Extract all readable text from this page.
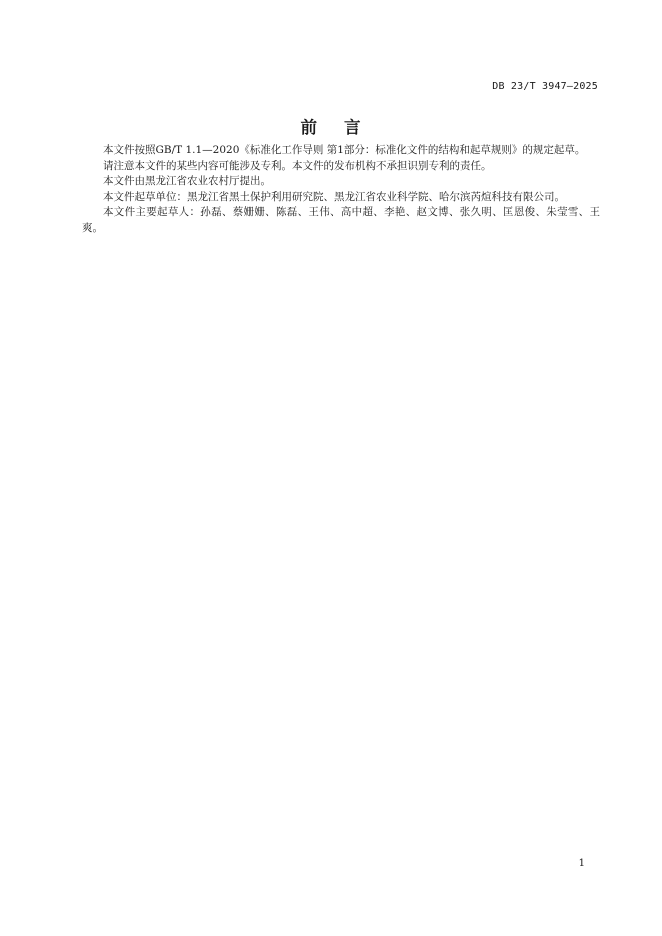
DB 23/T 3947—2025
前 言

本文件按照GB/T 1.1—2020《标准化工作导则 第1部分：标准化文件的结构和起草规则》的规定起草。

请注意本文件的某些内容可能涉及专利。本文件的发布机构不承担识别专利的责任。

本文件由黑龙江省农业农村厅提出。

本文件起草单位：黑龙江省黑土保护利用研究院、黑龙江省农业科学院、哈尔滨芮煊科技有限公司。

本文件主要起草人：孙磊、蔡姗姗、陈磊、王伟、高中超、李艳、赵文博、张久明、匡恩俊、朱莹雪、王爽。

1
